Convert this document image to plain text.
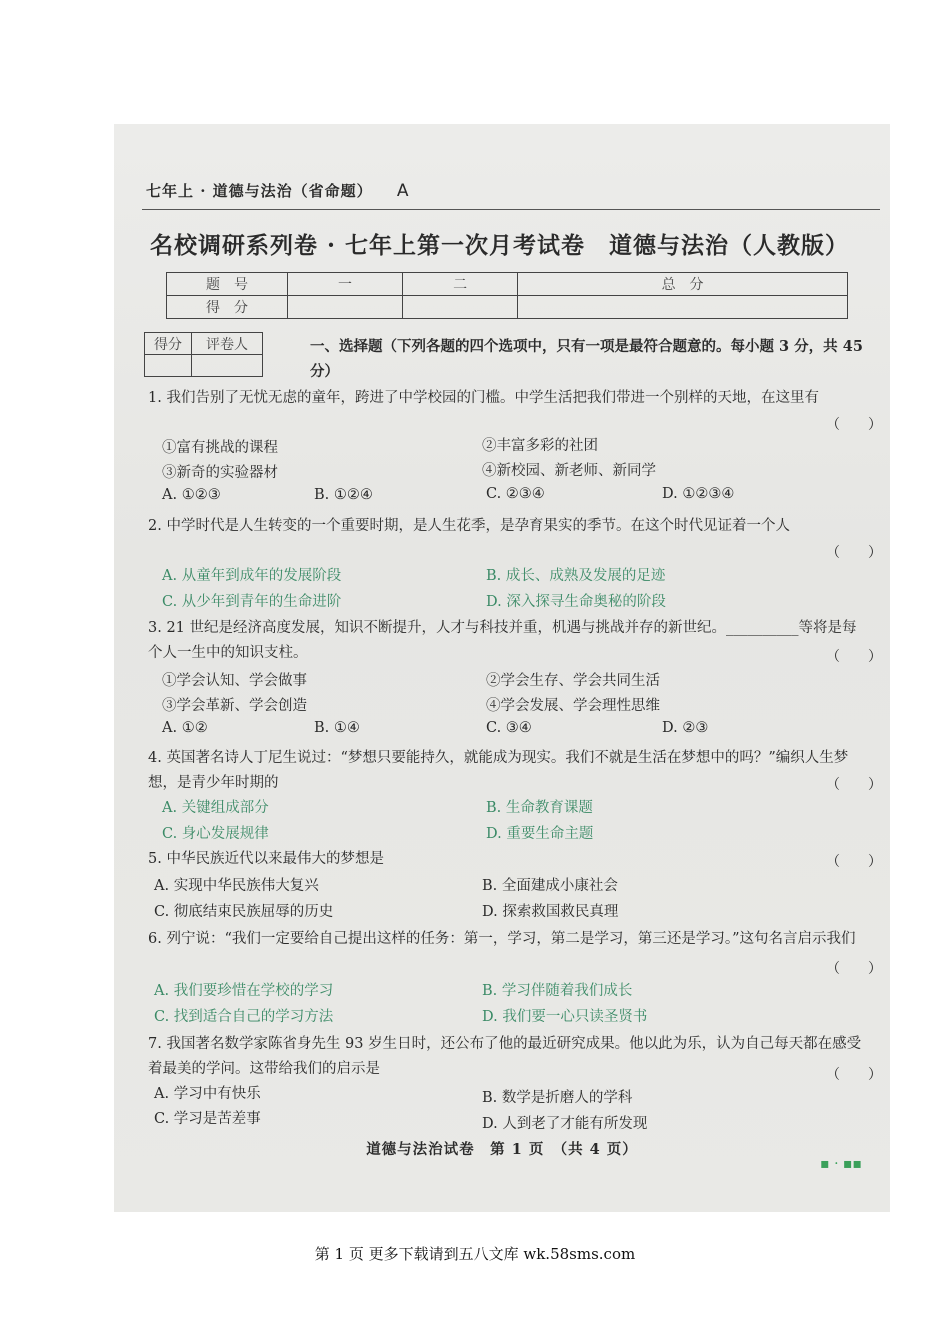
七年上 · 道德与法治（省命题） A
名校调研系列卷 · 七年上第一次月考试卷　道德与法治（人教版）
题　号	一	二	总　分
得　分			
得分	评卷人
		一、选择题（下列各题的四个选项中，只有一项是最符合题意的。每小题 3 分，共 45 分）
1. 我们告别了无忧无虑的童年，跨进了中学校园的门槛。中学生活把我们带进一个别样的天地，在这里有
（　　）
①富有挑战的课程	②丰富多彩的社团
③新奇的实验器材	④新校园、新老师、新同学
A. ①②③	B. ①②④	C. ②③④	D. ①②③④
2. 中学时代是人生转变的一个重要时期，是人生花季，是孕育果实的季节。在这个时代见证着一个人
（　　）
A. 从童年到成年的发展阶段	B. 成长、成熟及发展的足迹
C. 从少年到青年的生命进阶	D. 深入探寻生命奥秘的阶段
3. 21 世纪是经济高度发展，知识不断提升，人才与科技并重，机遇与挑战并存的新世纪。__________等将是每个人一生中的知识支柱。	（　　）
①学会认知、学会做事	②学会生存、学会共同生活
③学会革新、学会创造	④学会发展、学会理性思维
A. ①②	B. ①④	C. ③④	D. ②③
4. 英国著名诗人丁尼生说过：“梦想只要能持久，就能成为现实。我们不就是生活在梦想中的吗？”编织人生梦想，是青少年时期的	（　　）
A. 关键组成部分	B. 生命教育课题
C. 身心发展规律	D. 重要生命主题
5. 中华民族近代以来最伟大的梦想是	（　　）
A. 实现中华民族伟大复兴	B. 全面建成小康社会
C. 彻底结束民族屈辱的历史	D. 探索救国救民真理
6. 列宁说：“我们一定要给自己提出这样的任务：第一，学习，第二是学习，第三还是学习。”这句名言启示我们
（　　）
A. 我们要珍惜在学校的学习	B. 学习伴随着我们成长
C. 找到适合自己的学习方法	D. 我们要一心只读圣贤书
7. 我国著名数学家陈省身先生 93 岁生日时，还公布了他的最近研究成果。他以此为乐，认为自己每天都在感受着最美的学问。这带给我们的启示是	（　　）
A. 学习中有快乐	B. 数学是折磨人的学科
C. 学习是苦差事	D. 人到老了才能有所发现
道德与法治试卷　第 1 页　（共 4 页）
▪ · ▪▪
第 1 页 更多下载请到五八文库 wk.58sms.com
